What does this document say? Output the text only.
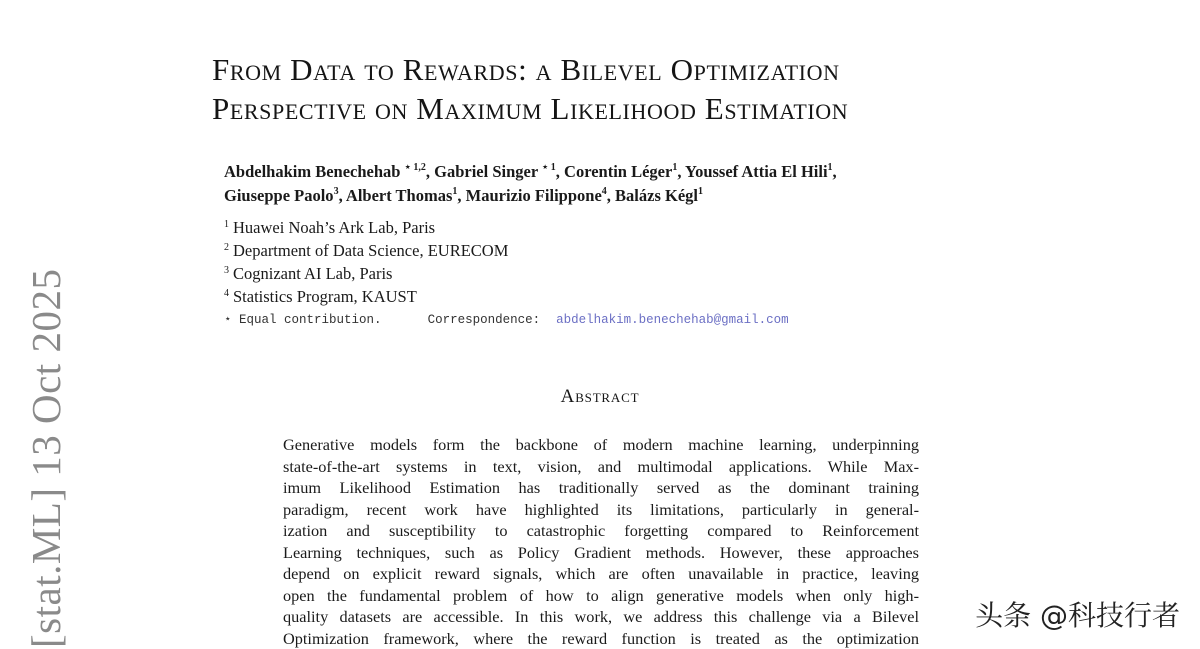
[stat.ML] 13 Oct 2025
From Data to Rewards: a Bilevel Optimization
Perspective on Maximum Likelihood Estimation
Abdelhakim Benechehab $^{⋆ 1,2}$, Gabriel Singer $^{⋆ 1}$, Corentin Léger$^1$, Youssef Attia El Hili$^1$,
Giuseppe Paolo$^3$, Albert Thomas$^1$, Maurizio Filippone$^4$, Balázs Kégl$^1$
$^1$ Huawei Noah’s Ark Lab, Paris
$^2$ Department of Data Science, EURECOM
$^3$ Cognizant AI Lab, Paris
$^4$ Statistics Program, KAUST
⋆ Equal contribution.	Correspondence: abdelhakim.benechehab@gmail.com
Abstract
Generative models form the backbone of modern machine learning, underpinning
state-of-the-art systems in text, vision, and multimodal applications. While Max-
imum Likelihood Estimation has traditionally served as the dominant training
paradigm, recent work have highlighted its limitations, particularly in general-
ization and susceptibility to catastrophic forgetting compared to Reinforcement
Learning techniques, such as Policy Gradient methods. However, these approaches
depend on explicit reward signals, which are often unavailable in practice, leaving
open the fundamental problem of how to align generative models when only high-
quality datasets are accessible. In this work, we address this challenge via a Bilevel
Optimization framework, where the reward function is treated as the optimization
头条 @科技行者
